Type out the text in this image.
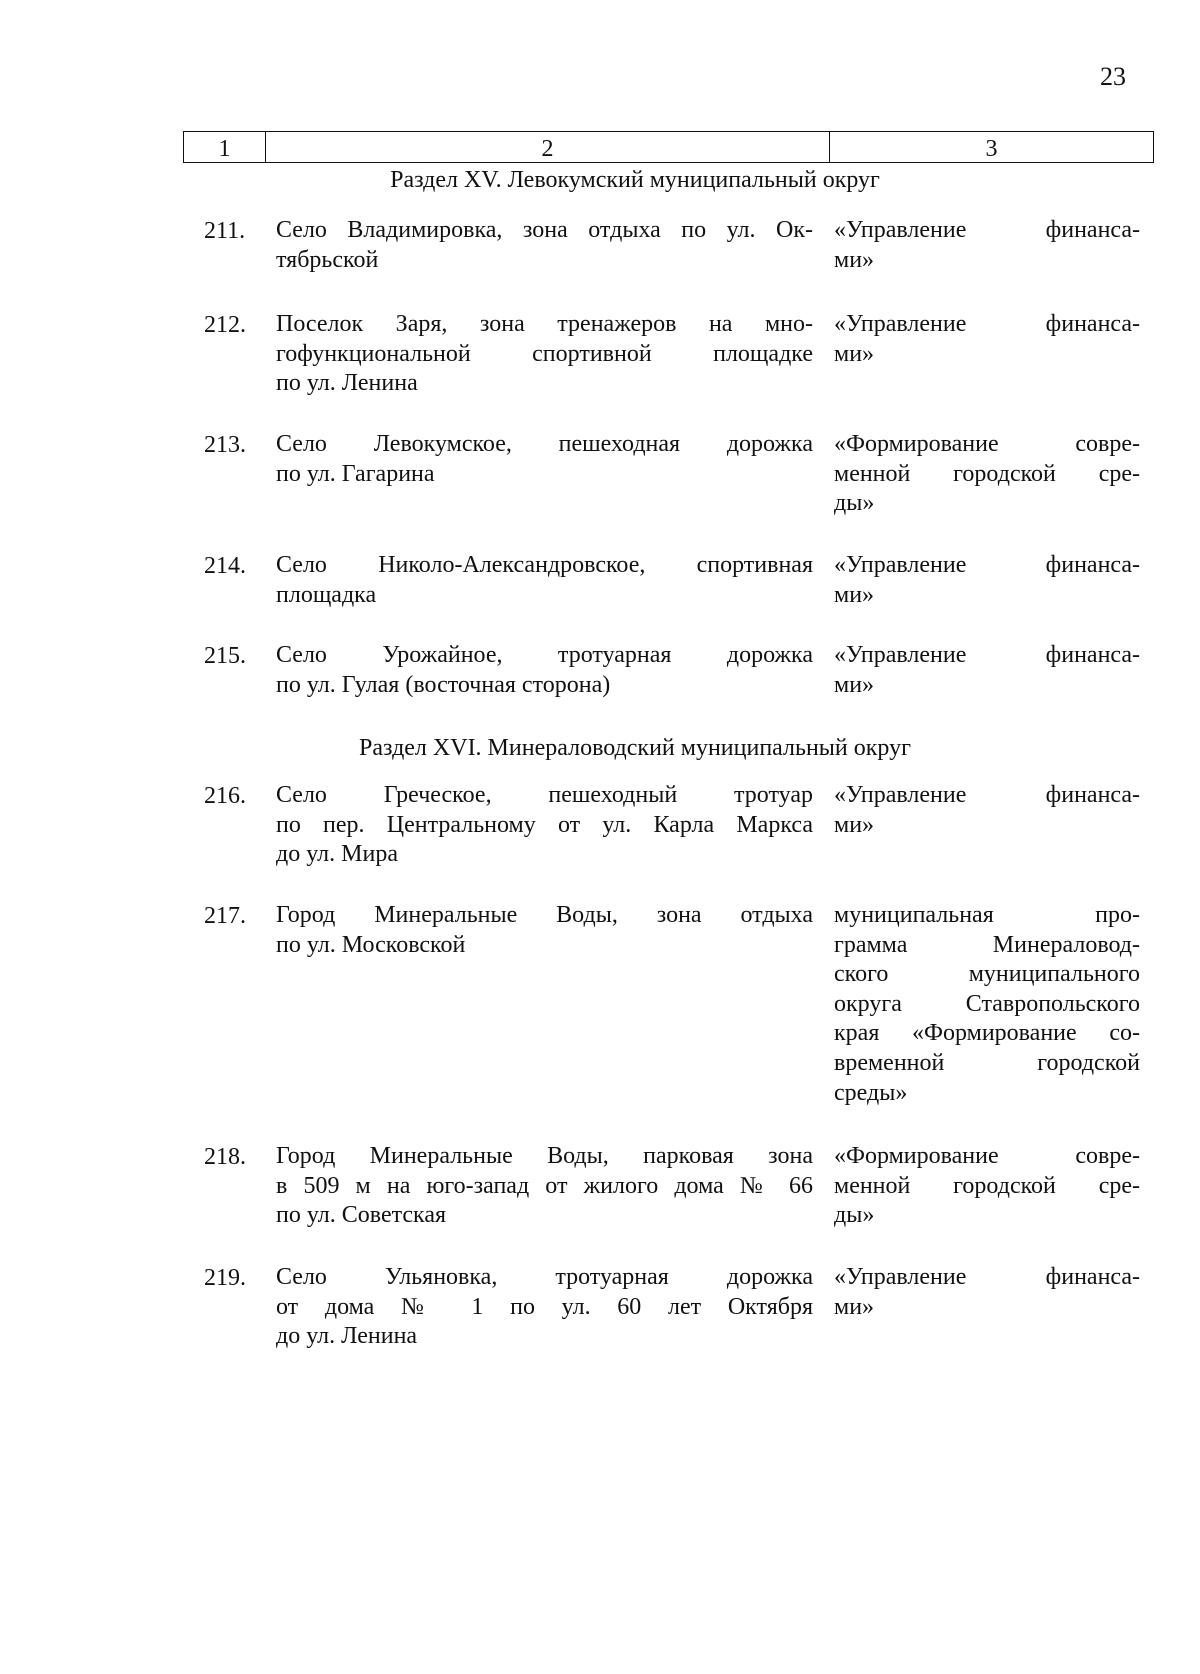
23
1	2	3
Раздел XV. Левокумский муниципальный округ
211. Село Владимировка, зона отдыха по ул. Ок-
тябрьской
«Управление финанса-
ми»
212. Поселок Заря, зона тренажеров на мно-
гофункциональной спортивной площадке
по ул. Ленина
«Управление финанса-
ми»
213. Село Левокумское, пешеходная дорожка
по ул. Гагарина
«Формирование совре-
менной городской сре-
ды»
214. Село Николо-Александровское, спортивная
площадка
«Управление финанса-
ми»
215. Село Урожайное, тротуарная дорожка
по ул. Гулая (восточная сторона)
«Управление финанса-
ми»
Раздел XVI. Минераловодский муниципальный округ
216. Село Греческое, пешеходный тротуар
по пер. Центральному от ул. Карла Маркса
до ул. Мира
«Управление финанса-
ми»
217. Город Минеральные Воды, зона отдыха
по ул. Московской
муниципальная про-
грамма Минераловод-
ского муниципального
округа Ставропольского
края «Формирование со-
временной городской
среды»
218. Город Минеральные Воды, парковая зона
в 509 м на юго-запад от жилого дома № 66
по ул. Советская
«Формирование совре-
менной городской сре-
ды»
219. Село Ульяновка, тротуарная дорожка
от дома № 1 по ул. 60 лет Октября
до ул. Ленина
«Управление финанса-
ми»
